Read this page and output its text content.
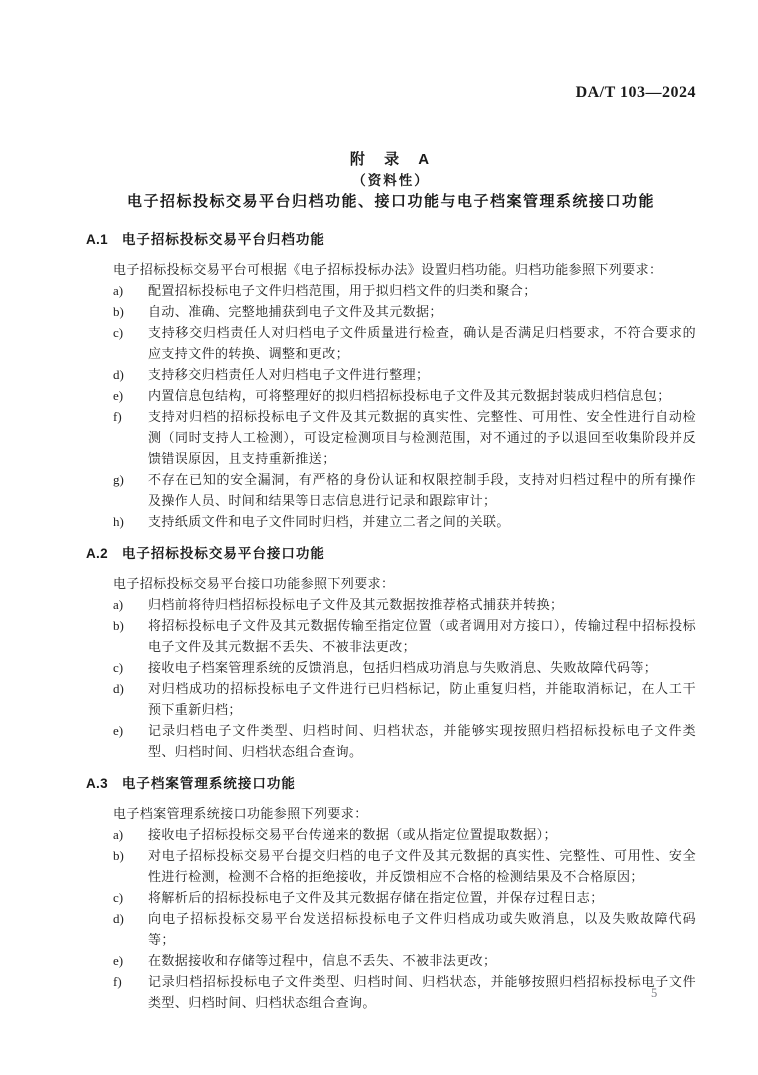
DA/T 103—2024
附 录 A
（资料性）
电子招标投标交易平台归档功能、接口功能与电子档案管理系统接口功能
A.1 电子招标投标交易平台归档功能
电子招标投标交易平台可根据《电子招标投标办法》设置归档功能。归档功能参照下列要求：
a)	配置招标投标电子文件归档范围，用于拟归档文件的归类和聚合；
b)	自动、准确、完整地捕获到电子文件及其元数据；
c)	支持移交归档责任人对归档电子文件质量进行检查，确认是否满足归档要求，不符合要求的应支持文件的转换、调整和更改；
d)	支持移交归档责任人对归档电子文件进行整理；
e)	内置信息包结构，可将整理好的拟归档招标投标电子文件及其元数据封装成归档信息包；
f)	支持对归档的招标投标电子文件及其元数据的真实性、完整性、可用性、安全性进行自动检测（同时支持人工检测），可设定检测项目与检测范围，对不通过的予以退回至收集阶段并反馈错误原因，且支持重新推送；
g)	不存在已知的安全漏洞，有严格的身份认证和权限控制手段，支持对归档过程中的所有操作及操作人员、时间和结果等日志信息进行记录和跟踪审计；
h)	支持纸质文件和电子文件同时归档，并建立二者之间的关联。
A.2 电子招标投标交易平台接口功能
电子招标投标交易平台接口功能参照下列要求：
a)	归档前将待归档招标投标电子文件及其元数据按推荐格式捕获并转换；
b)	将招标投标电子文件及其元数据传输至指定位置（或者调用对方接口），传输过程中招标投标电子文件及其元数据不丢失、不被非法更改；
c)	接收电子档案管理系统的反馈消息，包括归档成功消息与失败消息、失败故障代码等；
d)	对归档成功的招标投标电子文件进行已归档标记，防止重复归档，并能取消标记，在人工干预下重新归档；
e)	记录归档电子文件类型、归档时间、归档状态，并能够实现按照归档招标投标电子文件类型、归档时间、归档状态组合查询。
A.3 电子档案管理系统接口功能
电子档案管理系统接口功能参照下列要求：
a)	接收电子招标投标交易平台传递来的数据（或从指定位置提取数据）；
b)	对电子招标投标交易平台提交归档的电子文件及其元数据的真实性、完整性、可用性、安全性进行检测，检测不合格的拒绝接收，并反馈相应不合格的检测结果及不合格原因；
c)	将解析后的招标投标电子文件及其元数据存储在指定位置，并保存过程日志；
d)	向电子招标投标交易平台发送招标投标电子文件归档成功或失败消息，以及失败故障代码等；
e)	在数据接收和存储等过程中，信息不丢失、不被非法更改；
f)	记录归档招标投标电子文件类型、归档时间、归档状态，并能够按照归档招标投标电子文件类型、归档时间、归档状态组合查询。
5
